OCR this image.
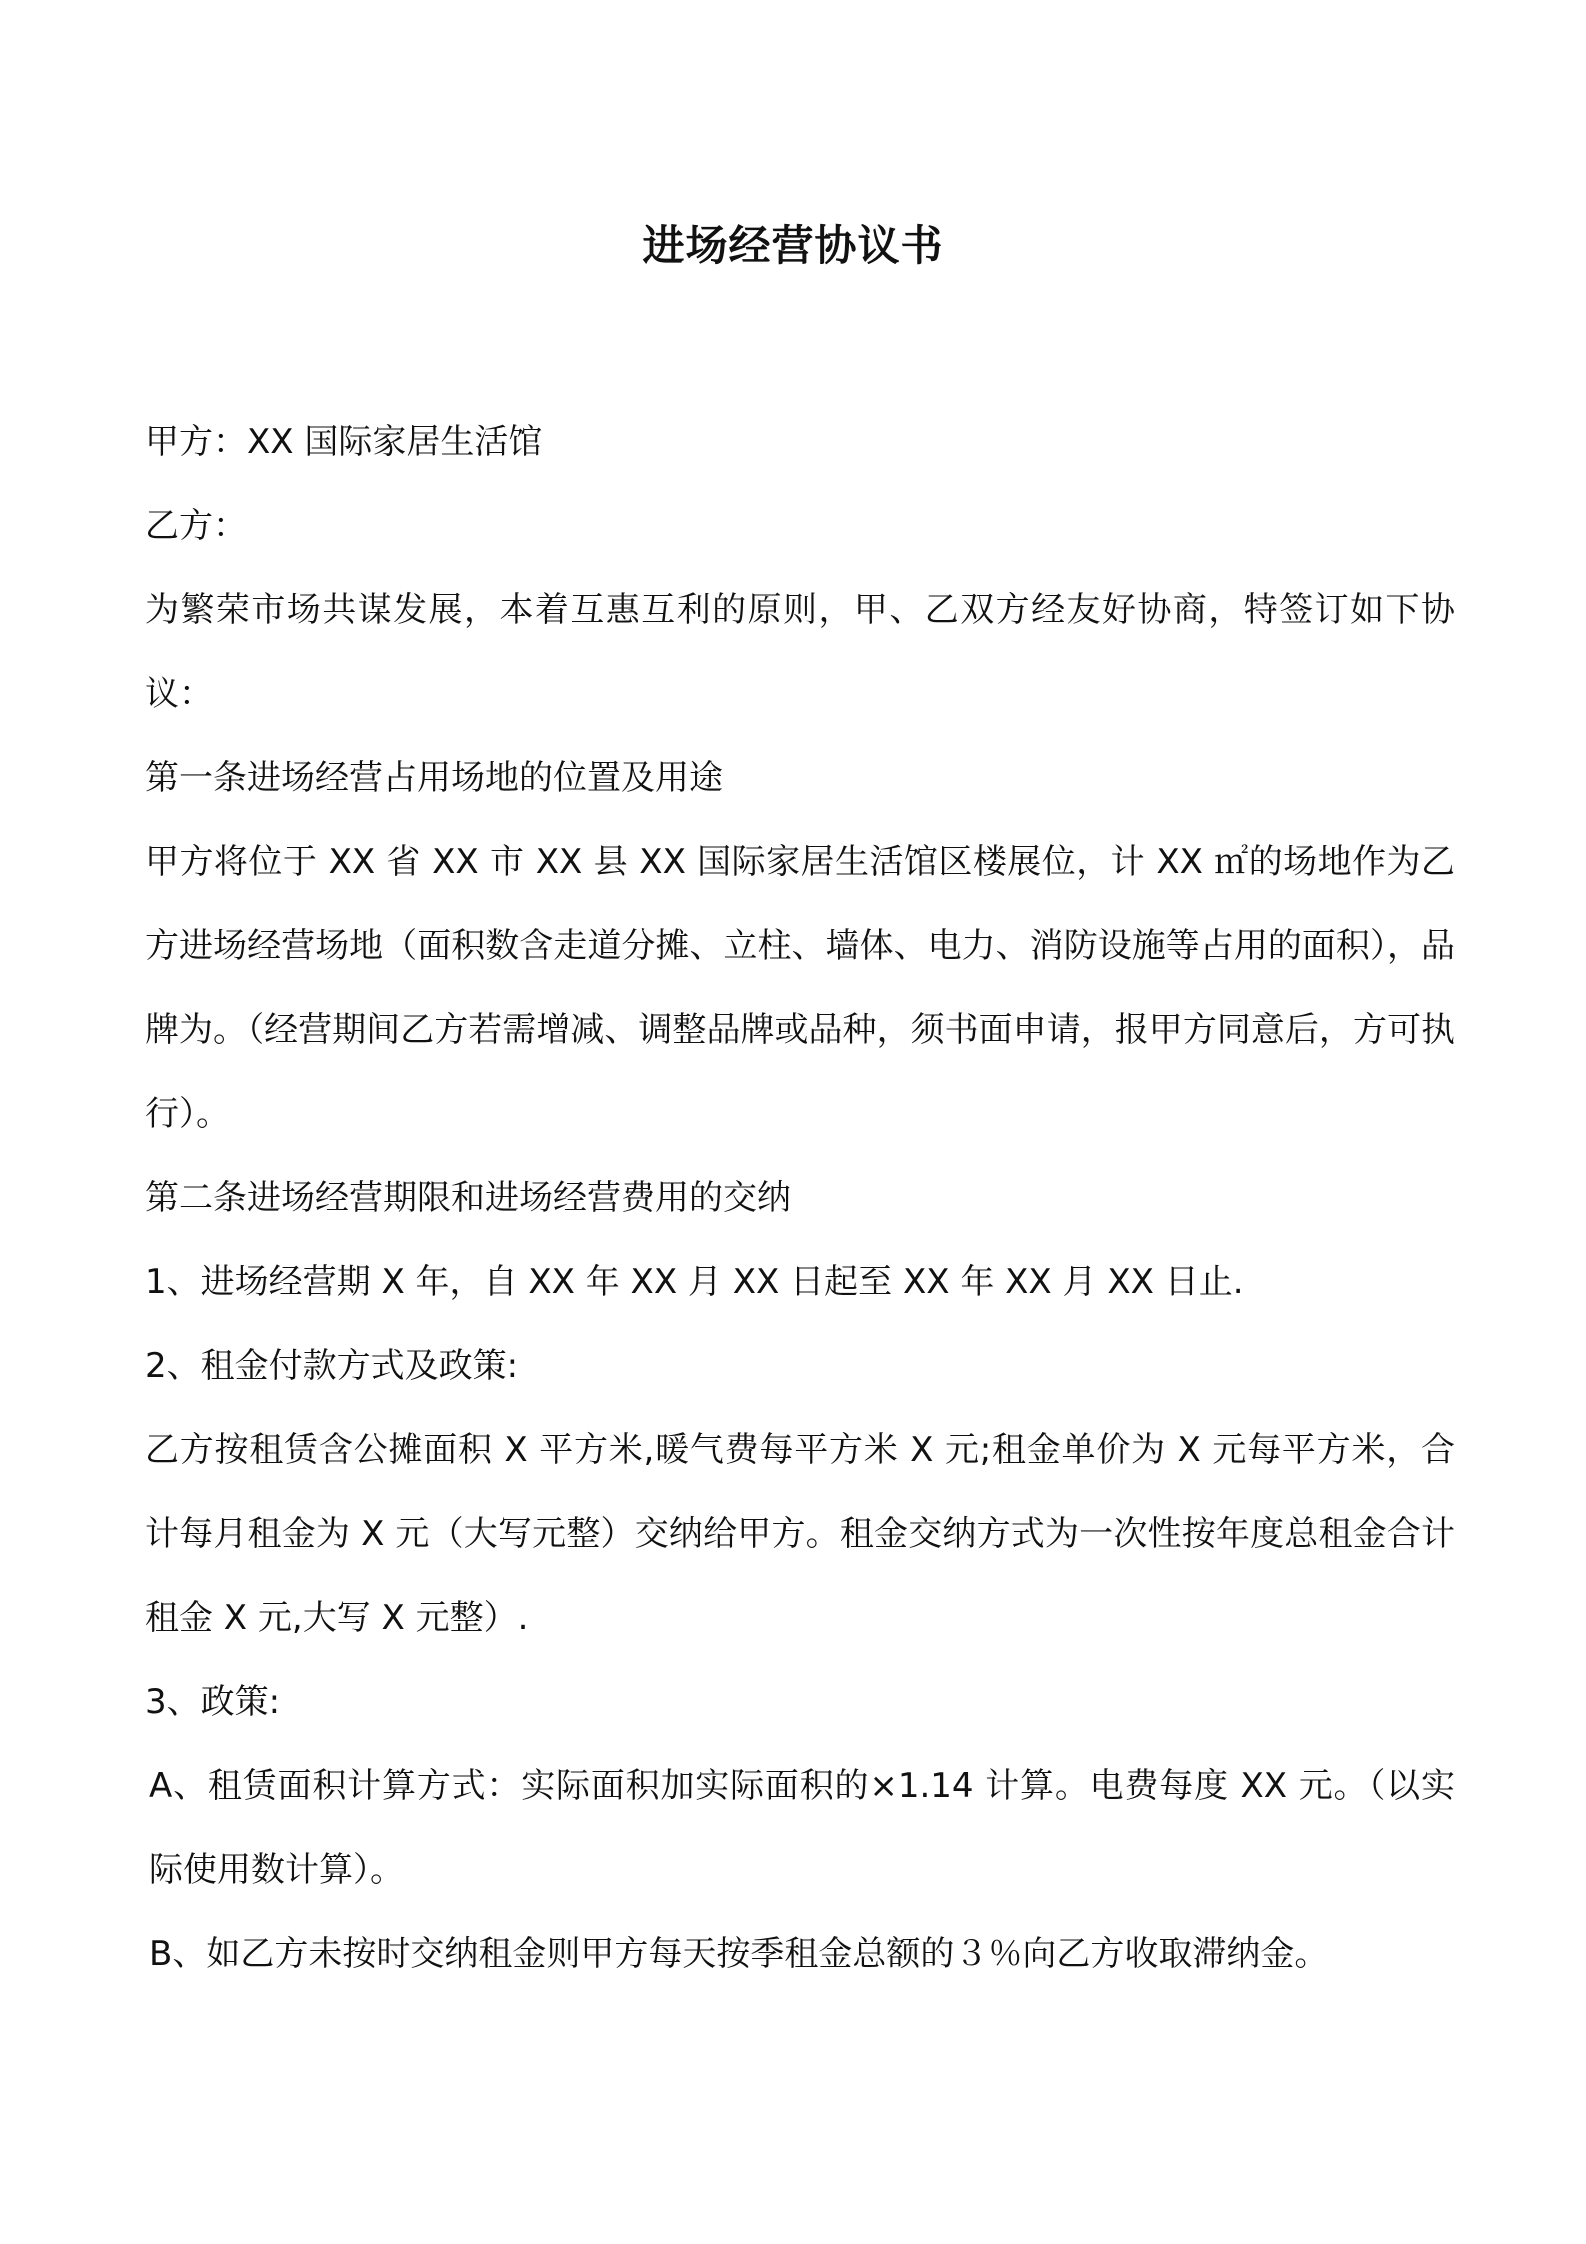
进场经营协议书

甲方：XX 国际家居生活馆

乙方：

为繁荣市场共谋发展，本着互惠互利的原则，甲、乙双方经友好协商，特签订如下协议：

第一条进场经营占用场地的位置及用途

甲方将位于 XX 省 XX 市 XX 县 XX 国际家居生活馆区楼展位，计 XX ㎡的场地作为乙方进场经营场地（面积数含走道分摊、立柱、墙体、电力、消防设施等占用的面积），品牌为。（经营期间乙方若需增减、调整品牌或品种，须书面申请，报甲方同意后，方可执行）。

第二条进场经营期限和进场经营费用的交纳

1、进场经营期 X 年，自 XX 年 XX 月 XX 日起至 XX 年 XX 月 XX 日止.

2、租金付款方式及政策:

乙方按租赁含公摊面积 X 平方米,暖气费每平方米 X 元;租金单价为 X 元每平方米，合计每月租金为 X 元（大写元整）交纳给甲方。租金交纳方式为一次性按年度总租金合计租金 X 元,大写 X 元整）.

3、政策:

A、租赁面积计算方式：实际面积加实际面积的×1.14 计算。电费每度 XX 元。（以实际使用数计算）。

B、如乙方未按时交纳租金则甲方每天按季租金总额的３％向乙方收取滞纳金。
